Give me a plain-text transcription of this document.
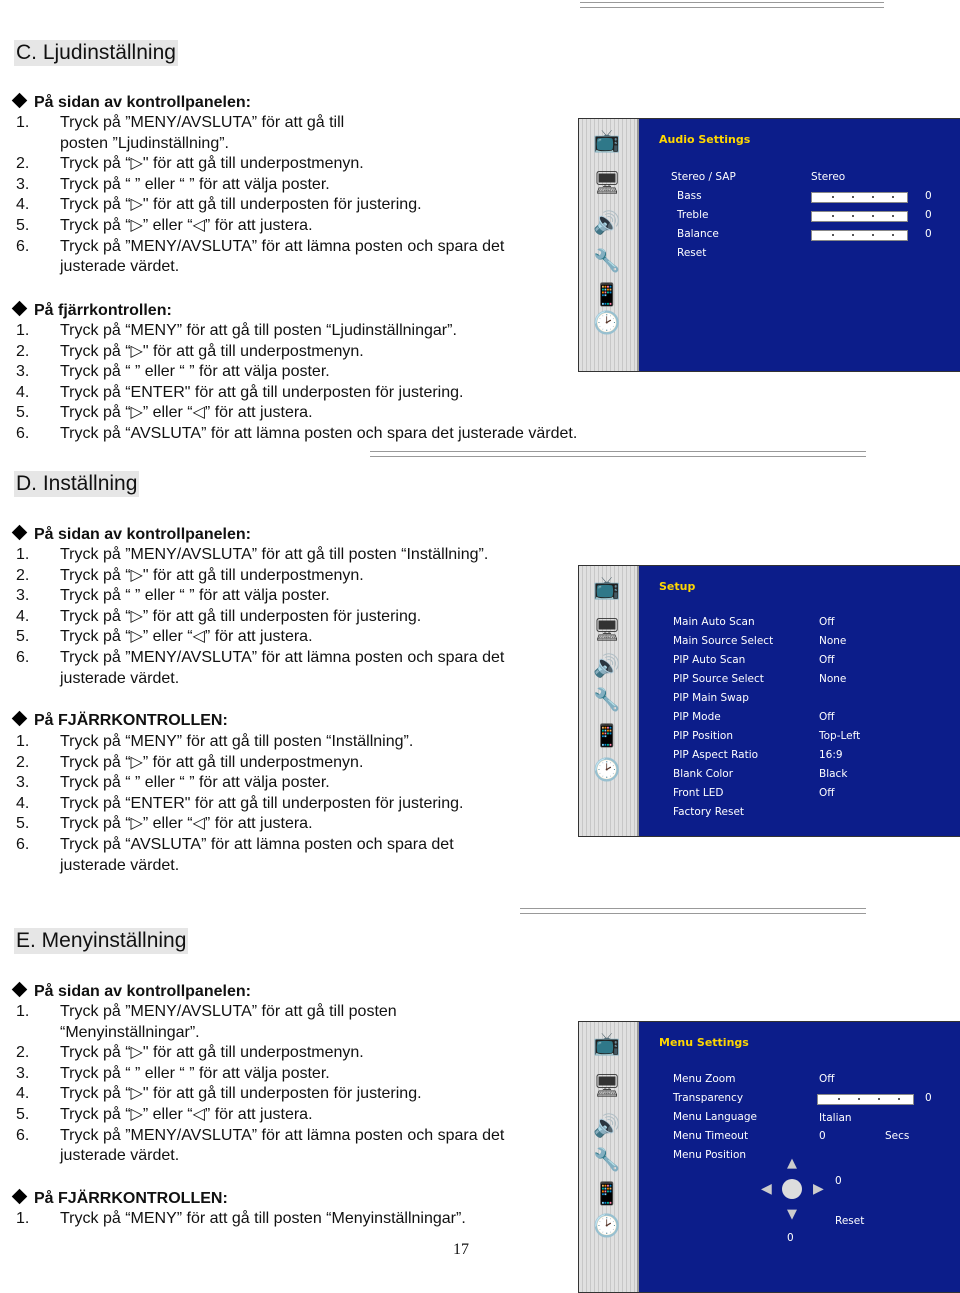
C. Ljudinställning
På sidan av kontrollpanelen:
1. Tryck på ”MENY/AVSLUTA” för att gå till
posten ”Ljudinställning”.
2. Tryck på “▷" för att gå till underpostmenyn.
3. Tryck på “ ” eller “ ” för att välja poster.
4. Tryck på “▷" för att gå till underposten för justering.
5. Tryck på “▷” eller “◁” för att justera.
6. Tryck på ”MENY/AVSLUTA” för att lämna posten och spara det
justerade värdet.
På fjärrkontrollen:
1. Tryck på “MENY” för att gå till posten “Ljudinställningar”.
2. Tryck på “▷" för att gå till underpostmenyn.
3. Tryck på “ ” eller “ ” för att välja poster.
4. Tryck på “ENTER" för att gå till underposten för justering.
5. Tryck på “▷” eller “◁” för att justera.
6. Tryck på “AVSLUTA” för att lämna posten och spara det justerade värdet.
D. Inställning
På sidan av kontrollpanelen:
1. Tryck på ”MENY/AVSLUTA” för att gå till posten “Inställning”.
2. Tryck på “▷" för att gå till underpostmenyn.
3. Tryck på “ ” eller “ ” för att välja poster.
4. Tryck på “▷” för att gå till underposten för justering.
5. Tryck på “▷” eller “◁” för att justera.
6. Tryck på ”MENY/AVSLUTA” för att lämna posten och spara det
justerade värdet.
På FJÄRRKONTROLLEN:
1. Tryck på “MENY” för att gå till posten “Inställning”.
2. Tryck på “▷” för att gå till underpostmenyn.
3. Tryck på “ ” eller “ ” för att välja poster.
4. Tryck på “ENTER" för att gå till underposten för justering.
5. Tryck på “▷” eller “◁” för att justera.
6. Tryck på “AVSLUTA” för att lämna posten och spara det
justerade värdet.
E. Menyinställning
På sidan av kontrollpanelen:
1. Tryck på ”MENY/AVSLUTA” för att gå till posten
“Menyinställningar”.
2. Tryck på “▷" för att gå till underpostmenyn.
3. Tryck på “ ” eller “ ” för att välja poster.
4. Tryck på “▷" för att gå till underposten för justering.
5. Tryck på “▷” eller “◁” för att justera.
6. Tryck på ”MENY/AVSLUTA” för att lämna posten och spara det
justerade värdet.
På FJÄRRKONTROLLEN:
1. Tryck på “MENY” för att gå till posten “Menyinställningar”.
17
📺
🖥
🔊
🔧
📱
🕑
Audio Settings
Stereo / SAP	Stereo
Bass	0
Treble	0
Balance	0
Reset
📺
🖥
🔊
🔧
📱
🕑
Setup
Main Auto Scan	Off
Main Source Select	None
PIP Auto Scan	Off
PIP Source Select	None
PIP Main Swap
PIP Mode	Off
PIP Position	Top-Left
PIP Aspect Ratio	16:9
Blank Color	Black
Front LED	Off
Factory Reset
📺
🖥
🔊
🔧
📱
🕑
Menu Settings
Menu Zoom	Off
Transparency	0
Menu Language	Italian
Menu Timeout	0	Secs
Menu Position
▲
0
◀	▶
Reset
▼
0
